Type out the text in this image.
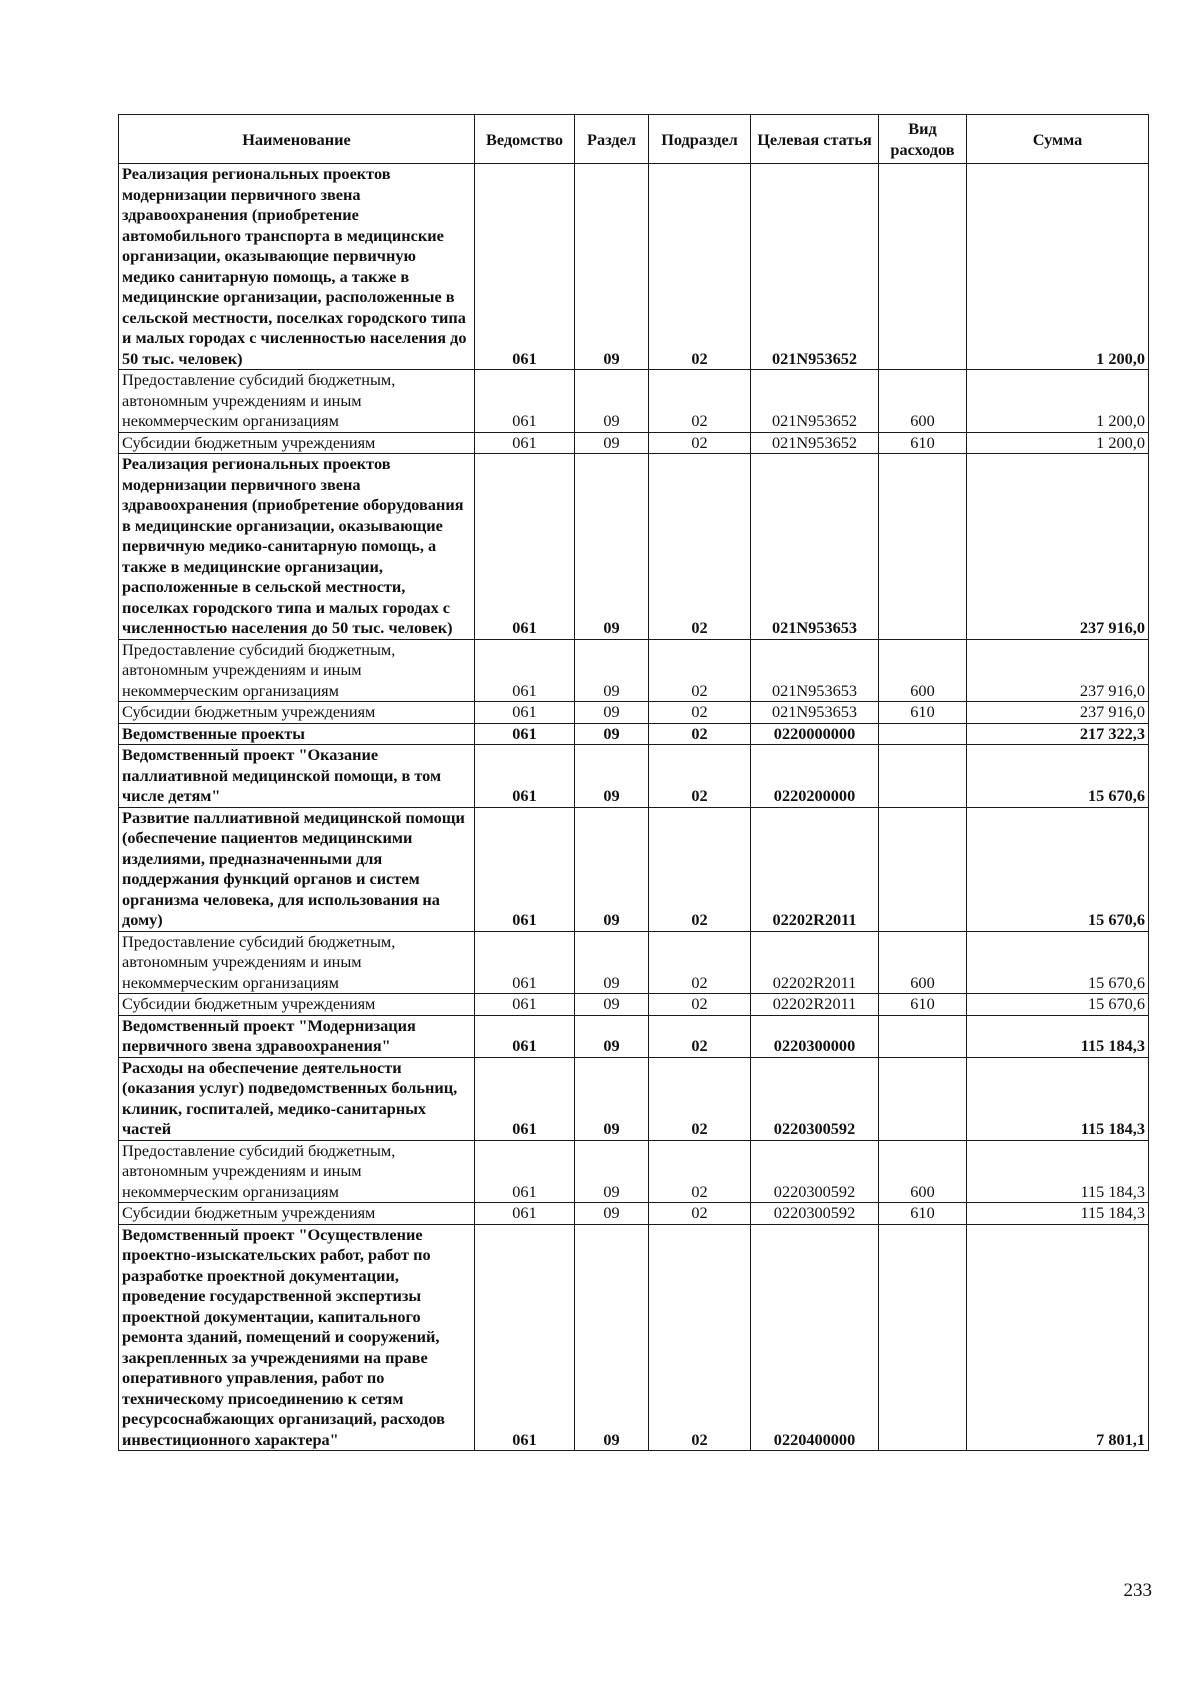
Наименование	Ведомство	Раздел	Подраздел	Целевая статья	Вид расходов	Сумма
Реализация региональных проектов модернизации первичного звена здравоохранения (приобретение автомобильного транспорта в медицинские организации, оказывающие первичную медико санитарную помощь, а также в медицинские организации, расположенные в сельской местности, поселках городского типа и малых городах с численностью населения до 50 тыс. человек)	061	09	02	021N953652		1 200,0
Предоставление субсидий бюджетным, автономным учреждениям и иным некоммерческим организациям	061	09	02	021N953652	600	1 200,0
Субсидии бюджетным учреждениям	061	09	02	021N953652	610	1 200,0
Реализация региональных проектов модернизации первичного звена здравоохранения (приобретение оборудования в медицинские организации, оказывающие первичную медико-санитарную помощь, а также в медицинские организации, расположенные в сельской местности, поселках городского типа и малых городах с численностью населения до 50 тыс. человек)	061	09	02	021N953653		237 916,0
Предоставление субсидий бюджетным, автономным учреждениям и иным некоммерческим организациям	061	09	02	021N953653	600	237 916,0
Субсидии бюджетным учреждениям	061	09	02	021N953653	610	237 916,0
Ведомственные проекты	061	09	02	0220000000		217 322,3
Ведомственный проект "Оказание паллиативной медицинской помощи, в том числе детям"	061	09	02	0220200000		15 670,6
Развитие паллиативной медицинской помощи (обеспечение пациентов медицинскими изделиями, предназначенными для поддержания функций органов и систем организма человека, для использования на дому)	061	09	02	02202R2011		15 670,6
Предоставление субсидий бюджетным, автономным учреждениям и иным некоммерческим организациям	061	09	02	02202R2011	600	15 670,6
Субсидии бюджетным учреждениям	061	09	02	02202R2011	610	15 670,6
Ведомственный проект "Модернизация первичного звена здравоохранения"	061	09	02	0220300000		115 184,3
Расходы на обеспечение деятельности (оказания услуг) подведомственных больниц, клиник, госпиталей, медико-санитарных частей	061	09	02	0220300592		115 184,3
Предоставление субсидий бюджетным, автономным учреждениям и иным некоммерческим организациям	061	09	02	0220300592	600	115 184,3
Субсидии бюджетным учреждениям	061	09	02	0220300592	610	115 184,3
Ведомственный проект "Осуществление проектно-изыскательских работ, работ по разработке проектной документации, проведение государственной экспертизы проектной документации, капитального ремонта зданий, помещений и сооружений, закрепленных за учреждениями на праве оперативного управления, работ по техническому присоединению к сетям ресурсоснабжающих организаций, расходов инвестиционного характера"	061	09	02	0220400000		7 801,1
233
